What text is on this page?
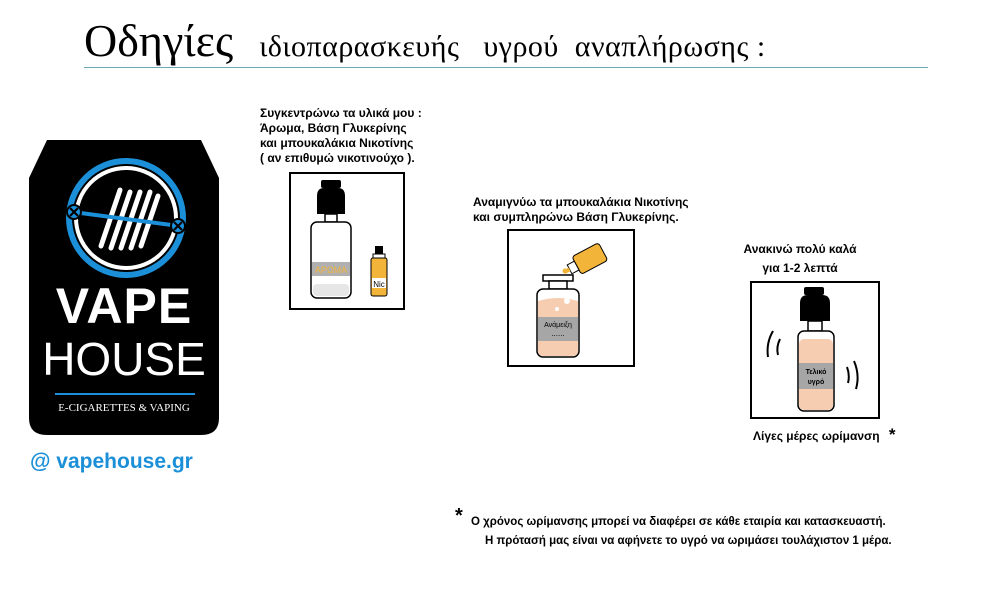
Οδηγίες ιδιοπαρασκευής   υγρού  αναπλήρωσης :
VAPE
HOUSE
E-CIGARETTES & VAPING
@ vapehouse.gr
Συγκεντρώνω τα υλικά μου :
Άρωμα, Βάση Γλυκερίνης
και μπουκαλάκια Νικοτίνης
( αν επιθυμώ νικοτινούχο ).
ΑΡΩΜΑ
Nic
Αναμιγνύω τα μπουκαλάκια Νικοτίνης
και συμπληρώνω Βάση Γλυκερίνης.
Ανάμειξη
......
Ανακινώ πολύ καλά
για 1-2 λεπτά
Τελικό
υγρό
Λίγες μέρες ωρίμανση *
* Ο χρόνος ωρίμανσης μπορεί να διαφέρει σε κάθε εταιρία και κατασκευαστή.
Η πρότασή μας είναι να αφήνετε το υγρό να ωριμάσει τουλάχιστον 1 μέρα.
